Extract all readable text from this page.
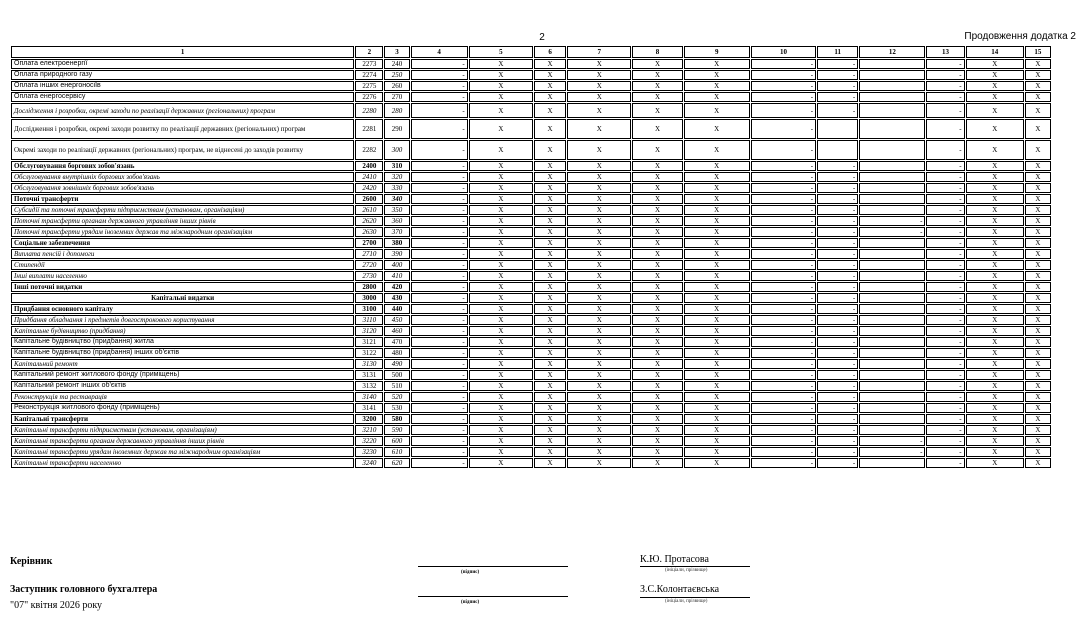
2	Продовження додатка 2
1	2	3	4	5	6	7	8	9	10	11	12	13	14	15
Оплата електроенергії	2273	240	-	X	X	X	X	X	-	-		-	X	X
Оплата природного газу	2274	250	-	X	X	X	X	X	-	-		-	X	X
Оплата інших енергоносіїв	2275	260	-	X	X	X	X	X	-	-		-	X	X
Оплата енергосервісу	2276	270	-	X	X	X	X	X	-	-		-	X	X
Дослідження і розробки, окремі заходи по реалізації державних (регіональних) програм	2280	280	-	X	X	X	X	X	-	-		-	X	X
Дослідження і розробки, окремі заходи розвитку по реалізації державних (регіональних) програм	2281	290	-	X	X	X	X	X	-			-	X	X
Окремі заходи по реалізації державних (регіональних) програм, не віднесені до заходів розвитку	2282	300	-	X	X	X	X	X	-			-	X	X
Обслуговування боргових зобов'язань	2400	310	-	X	X	X	X	X	-	-		-	X	X
Обслуговування внутрішніх боргових зобов'язань	2410	320	-	X	X	X	X	X	-	-		-	X	X
Обслуговування зовнішніх боргових зобов'язань	2420	330	-	X	X	X	X	X	-	-		-	X	X
Поточні трансферти	2600	340	-	X	X	X	X	X	-	-		-	X	X
Субсидії та поточні трансферти підприємствам (установам, організаціям)	2610	350	-	X	X	X	X	X	-	-		-	X	X
Поточні трансферти органам державного управління інших рівнів	2620	360	-	X	X	X	X	X	-	-	-	-	X	X
Поточні трансферти урядам іноземних держав та міжнародним організаціям	2630	370	-	X	X	X	X	X	-	-	-	-	X	X
Соціальне забезпечення	2700	380	-	X	X	X	X	X	-	-		-	X	X
Виплата пенсій і допомоги	2710	390	-	X	X	X	X	X	-	-		-	X	X
Стипендії	2720	400	-	X	X	X	X	X	-	-		-	X	X
Інші виплати населенню	2730	410	-	X	X	X	X	X	-	-		-	X	X
Інші поточні видатки	2800	420	-	X	X	X	X	X	-	-		-	X	X
Капітальні видатки	3000	430	-	X	X	X	X	X	-	-		-	X	X
Придбання основного капіталу	3100	440	-	X	X	X	X	X	-	-		-	X	X
Придбання обладнання і предметів довгострокового користування	3110	450	-	X	X	X	X	X	-	-		-	X	X
Капітальне будівництво (придбання)	3120	460	-	X	X	X	X	X	-	-		-	X	X
Капітальне будівництво (придбання) житла	3121	470	-	X	X	X	X	X	-	-		-	X	X
Капітальне будівництво (придбання) інших об'єктів	3122	480	-	X	X	X	X	X	-	-		-	X	X
Капітальний ремонт	3130	490	-	X	X	X	X	X	-	-		-	X	X
Капітальний ремонт житлового фонду (приміщень)	3131	500	-	X	X	X	X	X	-	-		-	X	X
Капітальний ремонт інших об'єктів	3132	510	-	X	X	X	X	X	-	-		-	X	X
Реконструкція та реставрація	3140	520	-	X	X	X	X	X	-	-		-	X	X
Реконструкція житлового фонду (приміщень)	3141	530	-	X	X	X	X	X	-	-		-	X	X
Капітальні трансферти	3200	580	-	X	X	X	X	X	-	-		-	X	X
Капітальні трансферти підприємствам (установам, організаціям)	3210	590	-	X	X	X	X	X	-	-		-	X	X
Капітальні трансферти органам державного управління інших рівнів	3220	600	-	X	X	X	X	X	-	-	-	-	X	X
Капітальні трансферти урядам іноземних держав та міжнародним організаціям	3230	610	-	X	X	X	X	X	-	-	-	-	X	X
Капітальні трансферти населенню	3240	620	-	X	X	X	X	X	-	-		-	X	X
Керівник
(підпис)
К.Ю. Протасова
(ініціали, прізвище)
Заступник головного бухгалтера
(підпис)
З.С.Колонтаєвська
(ініціали, прізвище)
"07" квітня 2026 року
